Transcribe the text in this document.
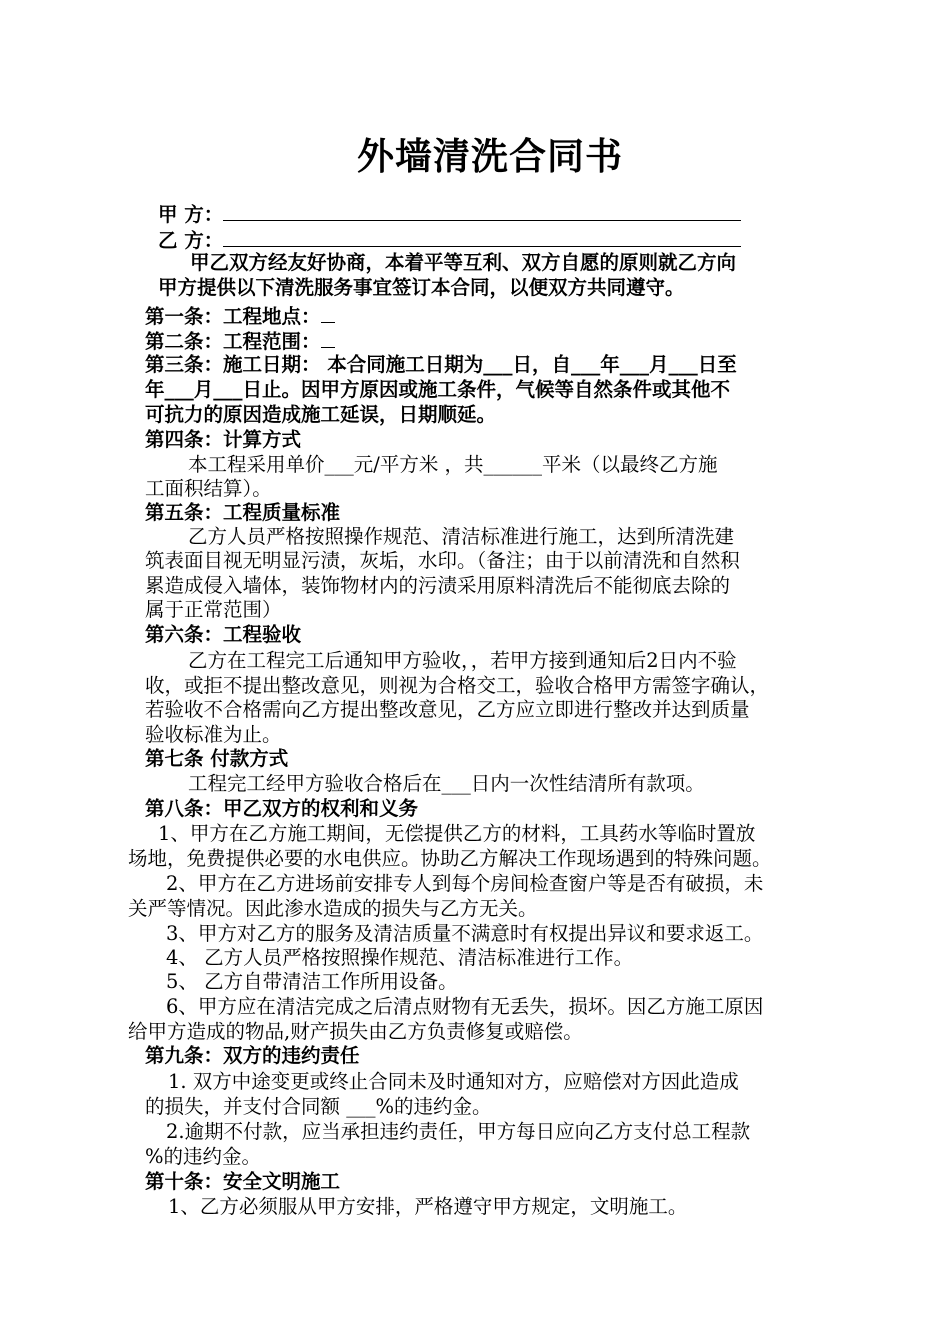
外墙清洗合同书
甲 方：
乙 方：
甲乙双方经友好协商，本着平等互利、双方自愿的原则就乙方向
甲方提供以下清洗服务事宜签订本合同，以便双方共同遵守。
第一条：工程地点：
第二条：工程范围：
第三条：施工日期： 本合同施工日期为___日，自___年___月___日至
年___月___日止。因甲方原因或施工条件，气候等自然条件或其他不
可抗力的原因造成施工延误，日期顺延。
第四条：计算方式
本工程采用单价___元/平方米 ，共______平米（以最终乙方施
工面积结算）。
第五条：工程质量标准
乙方人员严格按照操作规范、清洁标准进行施工，达到所清洗建
筑表面目视无明显污渍，灰垢，水印。（备注；由于以前清洗和自然积
累造成侵入墙体，装饰物材内的污渍采用原料清洗后不能彻底去除的
属于正常范围）
第六条：工程验收
乙方在工程完工后通知甲方验收，，若甲方接到通知后2日内不验
收，或拒不提出整改意见，则视为合格交工，验收合格甲方需签字确认，
若验收不合格需向乙方提出整改意见，乙方应立即进行整改并达到质量
验收标准为止。
第七条 付款方式
工程完工经甲方验收合格后在___日内一次性结清所有款项。
第八条：甲乙双方的权利和义务
1、甲方在乙方施工期间，无偿提供乙方的材料，工具药水等临时置放
场地，免费提供必要的水电供应。协助乙方解决工作现场遇到的特殊问题。
2、甲方在乙方进场前安排专人到每个房间检查窗户等是否有破损，未
关严等情况。因此渗水造成的损失与乙方无关。
3、甲方对乙方的服务及清洁质量不满意时有权提出异议和要求返工。
4、 乙方人员严格按照操作规范、清洁标准进行工作。
5、 乙方自带清洁工作所用设备。
6、甲方应在清洁完成之后清点财物有无丢失，损坏。因乙方施工原因
给甲方造成的物品,财产损失由乙方负责修复或赔偿。
第九条：双方的违约责任
1. 双方中途变更或终止合同未及时通知对方，应赔偿对方因此造成
的损失，并支付合同额 ___%的违约金。
2.逾期不付款，应当承担违约责任，甲方每日应向乙方支付总工程款
%的违约金。
第十条：安全文明施工
1、乙方必须服从甲方安排，严格遵守甲方规定，文明施工。
